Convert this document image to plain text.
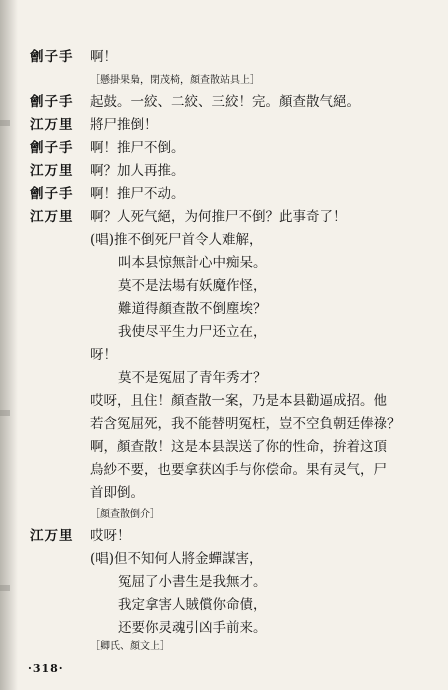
劊子手 啊！
［懸掛果梟，閉茂椅，顏查散站具上］
劊子手 起鼓。一絞、二絞、三絞！完。顏查散气絕。
江万里 將尸推倒！
劊子手 啊！推尸不倒。
江万里 啊？加人再推。
劊子手 啊！推尸不动。
江万里 啊？人死气絕，为何推尸不倒？此事奇了！
(唱)推不倒死尸首令人难解，
叫本县惊無計心中痴呆。
莫不是法場有妖魔作怪，
難道得顏查散不倒塵埃？
我使尽平生力尸还立在，
呀！
莫不是冤屈了青年秀才？
哎呀，且住！顏查散一案，乃是本县勸逼成招。他
若含冤屈死，我不能替明冤枉，豈不空負朝廷俸祿？
啊，顏查散！这是本县誤送了你的性命，拚着这頂
烏紗不要，也要拿获凶手与你偿命。果有灵气，尸
首即倒。
［顏查散倒介］
江万里 哎呀！
(唱)但不知何人將金蟬謀害，
冤屈了小書生是我無才。
我定拿害人賊償你命債，
还要你灵魂引凶手前来。
［卿氏、顏文上］
·318·
